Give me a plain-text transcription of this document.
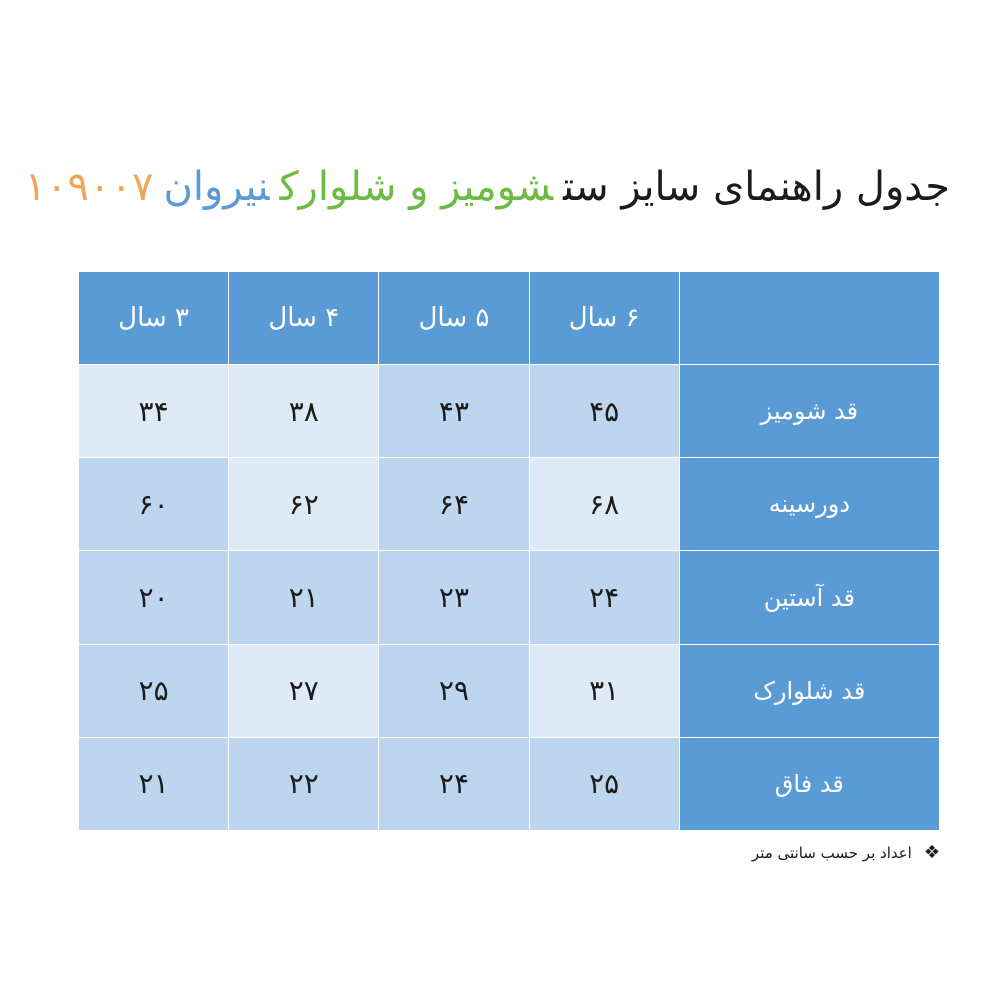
جدول راهنمای سایز ستشومیز و شلوارکنیروان۱۰۹۰۰۷
	۶ سال	۵ سال	۴ سال	۳ سال
قد شومیز	۴۵	۴۳	۳۸	۳۴
دورسینه	۶۸	۶۴	۶۲	۶۰
قد آستین	۲۴	۲۳	۲۱	۲۰
قد شلوارک	۳۱	۲۹	۲۷	۲۵
قد فاق	۲۵	۲۴	۲۲	۲۱
❖اعداد بر حسب سانتی متر
